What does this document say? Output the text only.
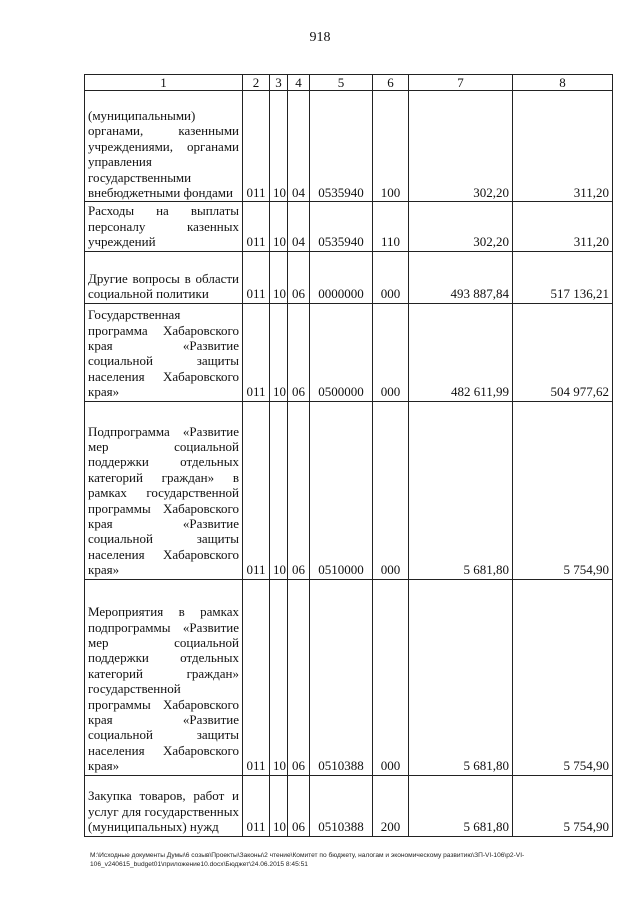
918
1	2	3	4	5	6	7	8
(муниципальными) органами, казенными учреждениями, органами управления государственными внебюджетными фондами	011	10	04	0535940	100	302,20	311,20
Расходы на выплаты персоналу казенных учреждений	011	10	04	0535940	110	302,20	311,20
Другие вопросы в области социальной политики	011	10	06	0000000	000	493 887,84	517 136,21
Государственная программа Хабаровского края «Развитие социальной защиты населения Хабаровского края»	011	10	06	0500000	000	482 611,99	504 977,62
Подпрограмма «Развитие мер социальной поддержки отдельных категорий граждан» в рамках государственной программы Хабаровского края «Развитие социальной защиты населения Хабаровского края»	011	10	06	0510000	000	5 681,80	5 754,90
Мероприятия в рамках подпрограммы «Развитие мер социальной поддержки отдельных категорий граждан» государственной программы Хабаровского края «Развитие социальной защиты населения Хабаровского края»	011	10	06	0510388	000	5 681,80	5 754,90
Закупка товаров, работ и услуг для государственных (муниципальных) нужд	011	10	06	0510388	200	5 681,80	5 754,90
M:\Исходные документы Думы\6 созыв\Проекты\Законы\2 чтение\Комитет по бюджету, налогам и экономическому развитию\ЗП-VI-106\р2-VI-
106_v240615_budget01\приложение10.docx\Бюджет\24.06.2015 8:45:51
